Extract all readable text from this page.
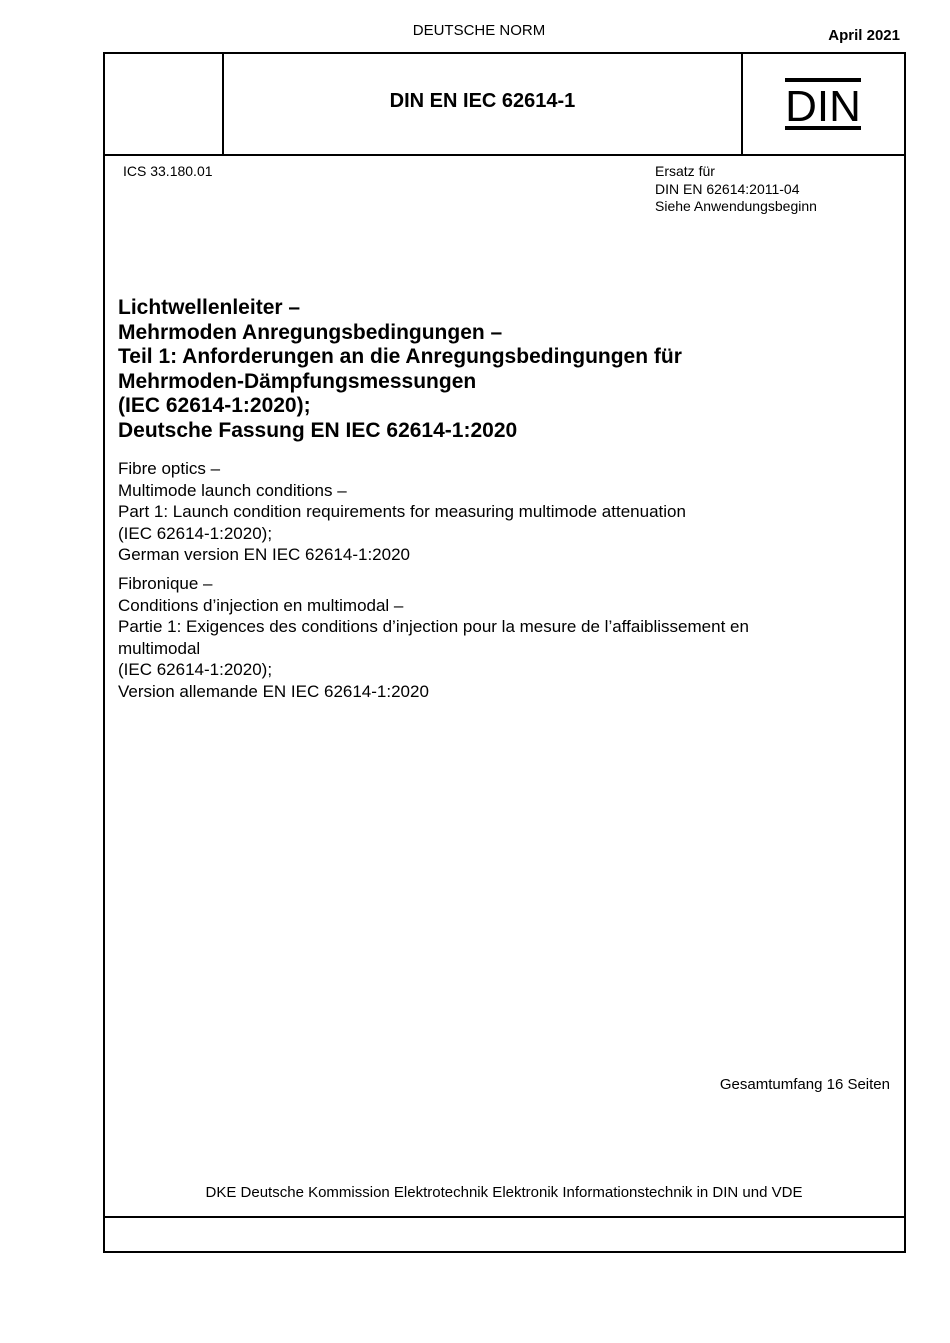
DEUTSCHE NORM	April 2021
DIN EN IEC 62614-1	DIN
ICS 33.180.01	Ersatz für
DIN EN 62614:2011-04
Siehe Anwendungsbeginn
Lichtwellenleiter –
Mehrmoden Anregungsbedingungen –
Teil 1: Anforderungen an die Anregungsbedingungen für
Mehrmoden-Dämpfungsmessungen
(IEC 62614-1:2020);
Deutsche Fassung EN IEC 62614-1:2020
Fibre optics –
Multimode launch conditions –
Part 1: Launch condition requirements for measuring multimode attenuation
(IEC 62614-1:2020);
German version EN IEC 62614-1:2020
Fibronique –
Conditions d’injection en multimodal –
Partie 1: Exigences des conditions d’injection pour la mesure de l’affaiblissement en
multimodal
(IEC 62614-1:2020);
Version allemande EN IEC 62614-1:2020
Gesamtumfang 16 Seiten
DKE Deutsche Kommission Elektrotechnik Elektronik Informationstechnik in DIN und VDE
